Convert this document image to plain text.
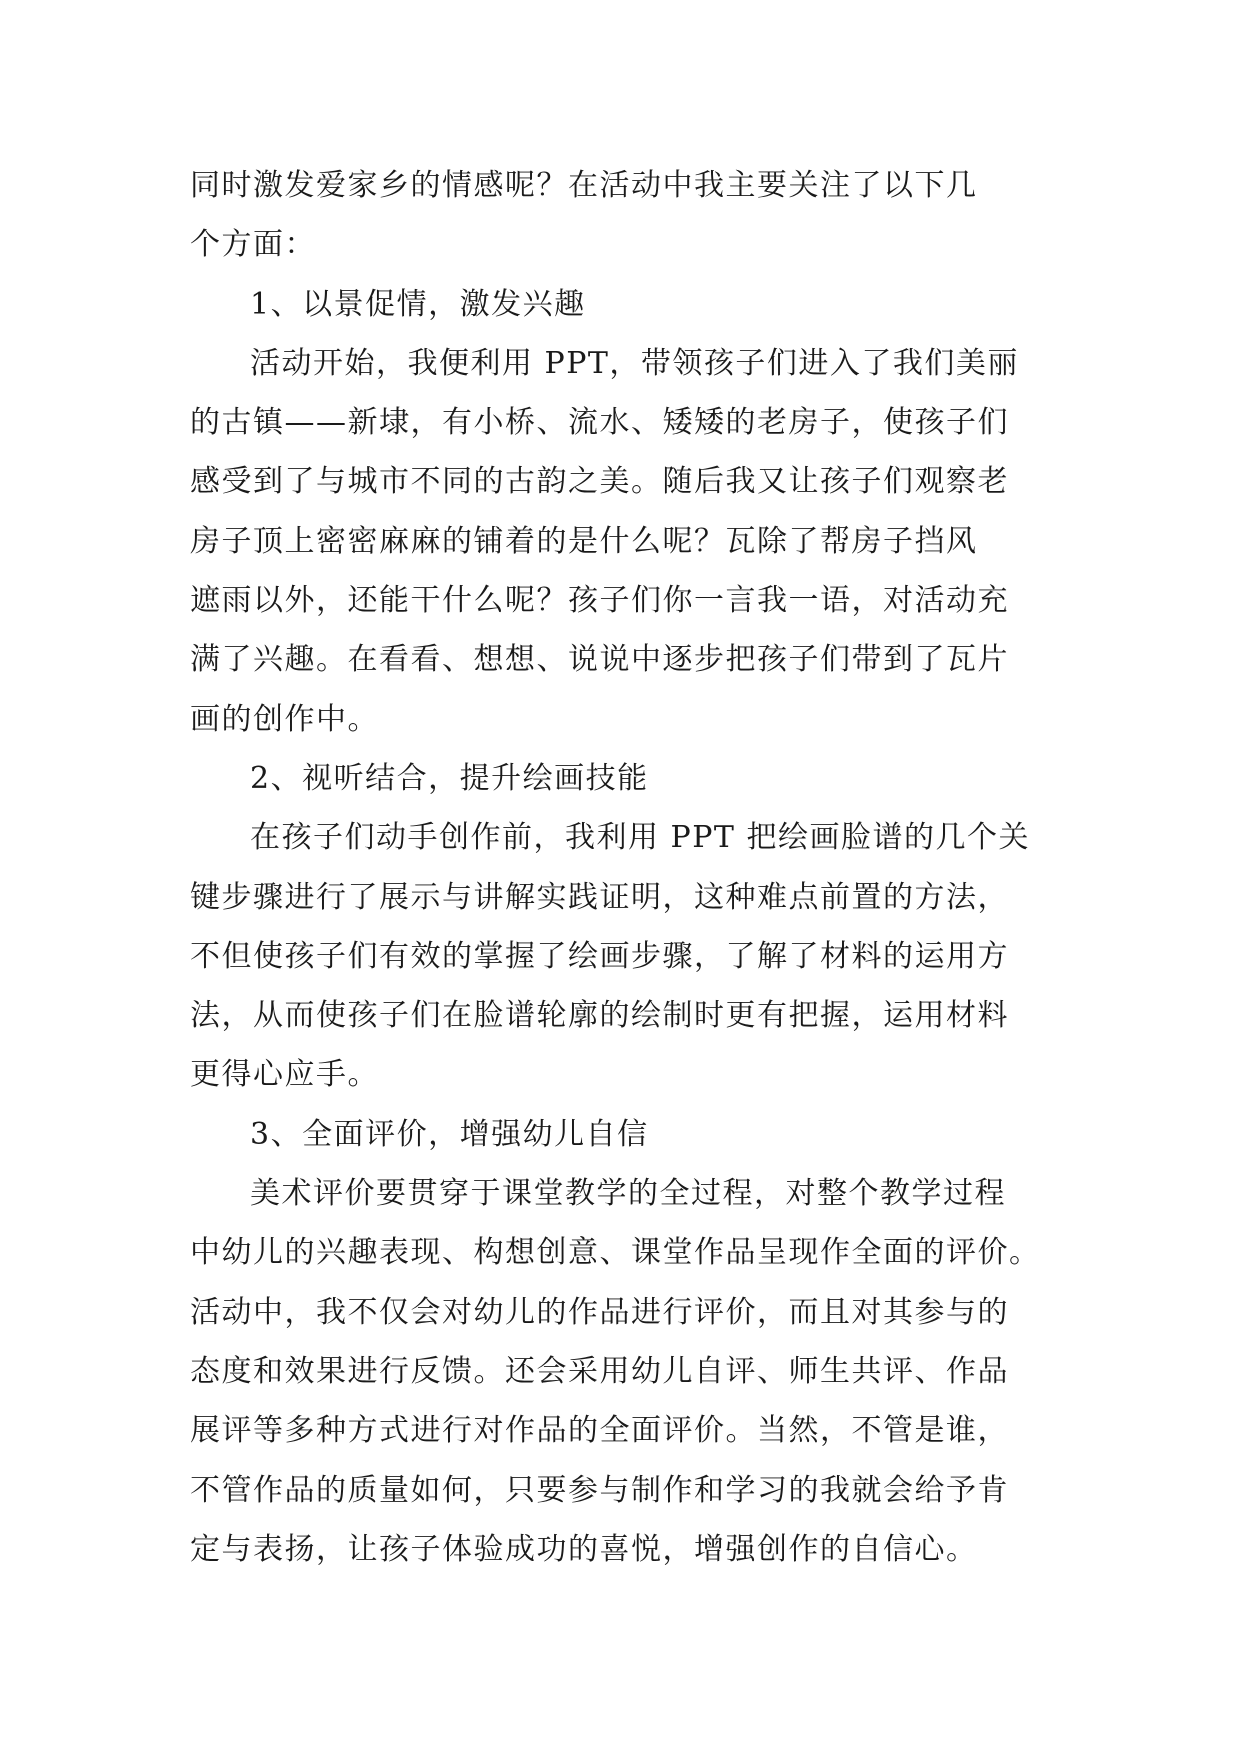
同时激发爱家乡的情感呢？在活动中我主要关注了以下几

个方面：

1、以景促情，激发兴趣

活动开始，我便利用 PPT，带领孩子们进入了我们美丽

的古镇——新埭，有小桥、流水、矮矮的老房子，使孩子们

感受到了与城市不同的古韵之美。随后我又让孩子们观察老

房子顶上密密麻麻的铺着的是什么呢？瓦除了帮房子挡风

遮雨以外，还能干什么呢？孩子们你一言我一语，对活动充

满了兴趣。在看看、想想、说说中逐步把孩子们带到了瓦片

画的创作中。

2、视听结合，提升绘画技能

在孩子们动手创作前，我利用 PPT 把绘画脸谱的几个关

键步骤进行了展示与讲解实践证明，这种难点前置的方法，

不但使孩子们有效的掌握了绘画步骤，了解了材料的运用方

法，从而使孩子们在脸谱轮廓的绘制时更有把握，运用材料

更得心应手。

3、全面评价，增强幼儿自信

美术评价要贯穿于课堂教学的全过程，对整个教学过程

中幼儿的兴趣表现、构想创意、课堂作品呈现作全面的评价。

活动中，我不仅会对幼儿的作品进行评价，而且对其参与的

态度和效果进行反馈。还会采用幼儿自评、师生共评、作品

展评等多种方式进行对作品的全面评价。当然，不管是谁，

不管作品的质量如何，只要参与制作和学习的我就会给予肯

定与表扬，让孩子体验成功的喜悦，增强创作的自信心。
